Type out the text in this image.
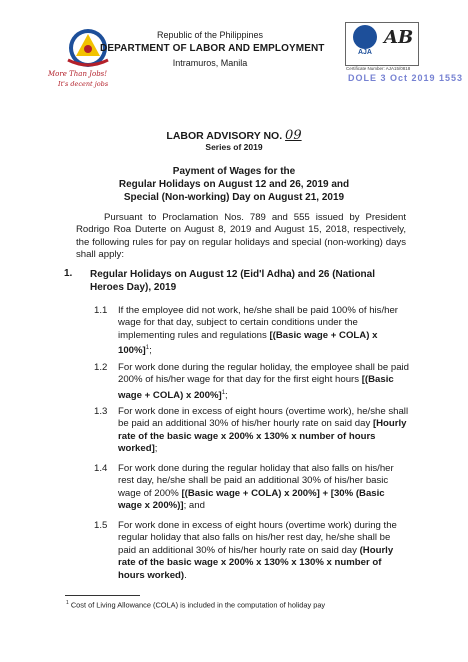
More Than Jobs!
It's decent jobs
Republic of the Philippines
DEPARTMENT OF LABOR AND EMPLOYMENT
Intramuros, Manila
AJA
AB
Certificate Number: AJA15/0818
DOLE 3 Oct 2019 1553
LABOR ADVISORY NO. 09
Series of 2019
Payment of Wages for the
Regular Holidays on August 12 and 26, 2019 and
Special (Non-working) Day on August 21, 2019

Pursuant to Proclamation Nos. 789 and 555 issued by President Rodrigo Roa Duterte on August 8, 2019 and August 15, 2018, respectively, the following rules for pay on regular holidays and special (non-working) days shall apply:

1. Regular Holidays on August 12 (Eid'l Adha) and 26 (National Heroes Day), 2019
1.1 If the employee did not work, he/she shall be paid 100% of his/her wage for that day, subject to certain conditions under the implementing rules and regulations [(Basic wage + COLA) x 100%]$^1$;

1.2 For work done during the regular holiday, the employee shall be paid 200% of his/her wage for that day for the first eight hours [(Basic wage + COLA) x 200%]$^1$;

1.3 For work done in excess of eight hours (overtime work), he/she shall be paid an additional 30% of his/her hourly rate on said day [Hourly rate of the basic wage x 200% x 130% x number of hours worked];

1.4 For work done during the regular holiday that also falls on his/her rest day, he/she shall be paid an additional 30% of his/her basic wage of 200% [(Basic wage + COLA) x 200%] + [30% (Basic wage x 200%)]; and

1.5 For work done in excess of eight hours (overtime work) during the regular holiday that also falls on his/her rest day, he/she shall be paid an additional 30% of his/her hourly rate on said day (Hourly rate of the basic wage x 200% x 130% x 130% x number of hours worked).

$^1$ Cost of Living Allowance (COLA) is included in the computation of holiday pay
